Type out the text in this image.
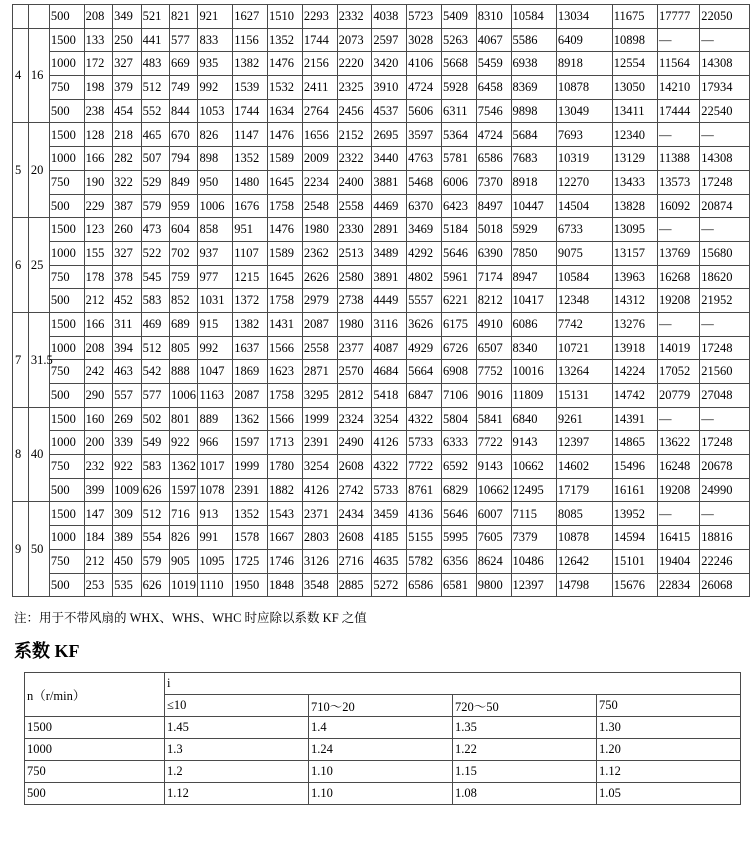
		500	208	349	521	821	921	1627	1510	2293	2332	4038	5723	5409	8310	10584	13034	11675	17777	22050
4	16	1500	133	250	441	577	833	1156	1352	1744	2073	2597	3028	5263	4067	5586	6409	10898	—	—
		1000	172	327	483	669	935	1382	1476	2156	2220	3420	4106	5668	5459	6938	8918	12554	11564	14308
		750	198	379	512	749	992	1539	1532	2411	2325	3910	4724	5928	6458	8369	10878	13050	14210	17934
		500	238	454	552	844	1053	1744	1634	2764	2456	4537	5606	6311	7546	9898	13049	13411	17444	22540
5	20	1500	128	218	465	670	826	1147	1476	1656	2152	2695	3597	5364	4724	5684	7693	12340	—	—
		1000	166	282	507	794	898	1352	1589	2009	2322	3440	4763	5781	6586	7683	10319	13129	11388	14308
		750	190	322	529	849	950	1480	1645	2234	2400	3881	5468	6006	7370	8918	12270	13433	13573	17248
		500	229	387	579	959	1006	1676	1758	2548	2558	4469	6370	6423	8497	10447	14504	13828	16092	20874
6	25	1500	123	260	473	604	858	951	1476	1980	2330	2891	3469	5184	5018	5929	6733	13095	—	—
		1000	155	327	522	702	937	1107	1589	2362	2513	3489	4292	5646	6390	7850	9075	13157	13769	15680
		750	178	378	545	759	977	1215	1645	2626	2580	3891	4802	5961	7174	8947	10584	13963	16268	18620
		500	212	452	583	852	1031	1372	1758	2979	2738	4449	5557	6221	8212	10417	12348	14312	19208	21952
7	31.5	1500	166	311	469	689	915	1382	1431	2087	1980	3116	3626	6175	4910	6086	7742	13276	—	—
		1000	208	394	512	805	992	1637	1566	2558	2377	4087	4929	6726	6507	8340	10721	13918	14019	17248
		750	242	463	542	888	1047	1869	1623	2871	2570	4684	5664	6908	7752	10016	13264	14224	17052	21560
		500	290	557	577	1006	1163	2087	1758	3295	2812	5418	6847	7106	9016	11809	15131	14742	20779	27048
8	40	1500	160	269	502	801	889	1362	1566	1999	2324	3254	4322	5804	5841	6840	9261	14391	—	—
		1000	200	339	549	922	966	1597	1713	2391	2490	4126	5733	6333	7722	9143	12397	14865	13622	17248
		750	232	922	583	1362	1017	1999	1780	3254	2608	4322	7722	6592	9143	10662	14602	15496	16248	20678
		500	399	1009	626	1597	1078	2391	1882	4126	2742	5733	8761	6829	10662	12495	17179	16161	19208	24990
9	50	1500	147	309	512	716	913	1352	1543	2371	2434	3459	4136	5646	6007	7115	8085	13952	—	—
		1000	184	389	554	826	991	1578	1667	2803	2608	4185	5155	5995	7605	7379	10878	14594	16415	18816
		750	212	450	579	905	1095	1725	1746	3126	2716	4635	5782	6356	8624	10486	12642	15101	19404	22246
		500	253	535	626	1019	1110	1950	1848	3548	2885	5272	6586	6581	9800	12397	14798	15676	22834	26068
注：用于不带风扇的 WHX、WHS、WHC 时应除以系数 KF 之值
系数 KF
n（r/min）	i			
	≤10	710～20	720～50	750
1500	1.45	1.4	1.35	1.30
1000	1.3	1.24	1.22	1.20
750	1.2	1.10	1.15	1.12
500	1.12	1.10	1.08	1.05
